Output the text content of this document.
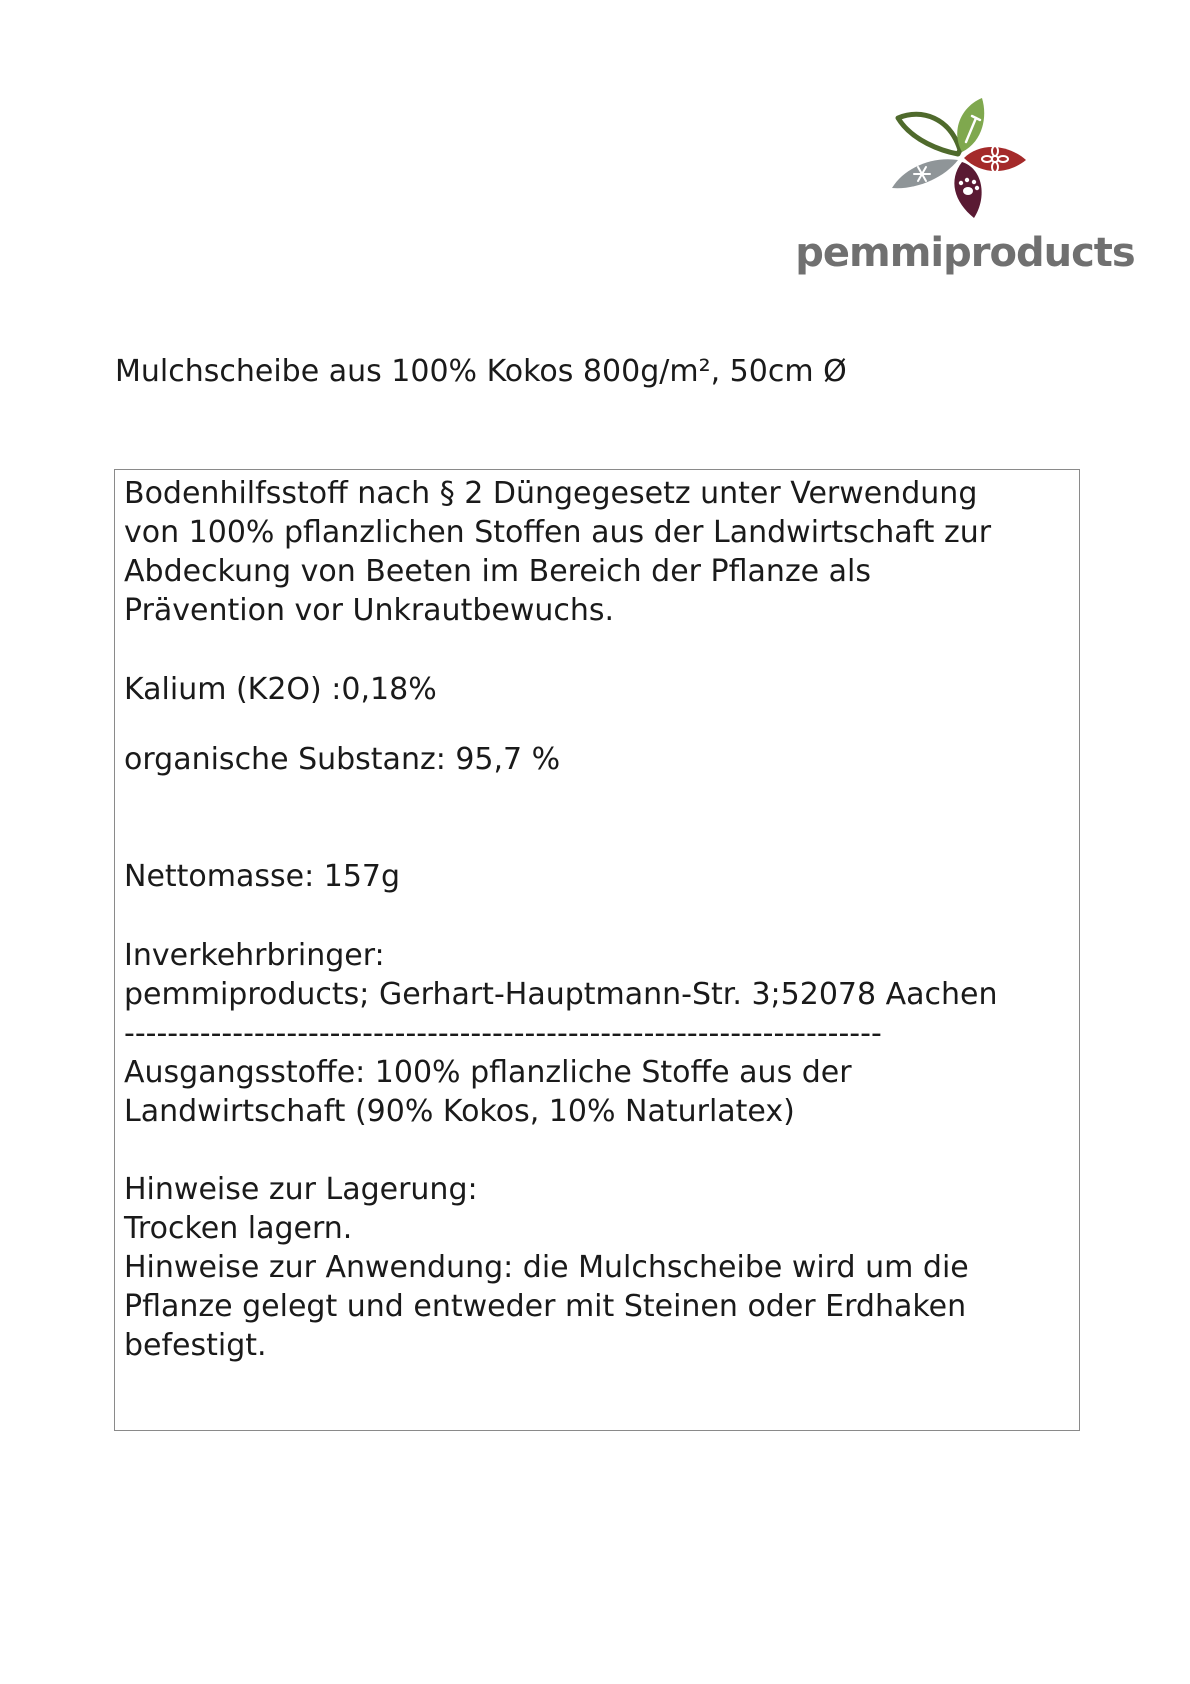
pemmiproducts
Mulchscheibe aus 100% Kokos 800g/m², 50cm Ø

Bodenhilfsstoff nach § 2 Düngegesetz unter Verwendung
von 100% pflanzlichen Stoffen aus der Landwirtschaft zur
Abdeckung von Beeten im Bereich der Pflanze als
Prävention vor Unkrautbewuchs.

Kalium (K2O) :0,18%

organische Substanz: 95,7 %

Nettomasse: 157g

Inverkehrbringer:

pemmiproducts; Gerhart-Hauptmann-Str. 3;52078 Aachen

----------------------------------------------------------------------

Ausgangsstoffe: 100% pflanzliche Stoffe aus der
Landwirtschaft (90% Kokos, 10% Naturlatex)

Hinweise zur Lagerung:

Trocken lagern.

Hinweise zur Anwendung: die Mulchscheibe wird um die
Pflanze gelegt und entweder mit Steinen oder Erdhaken
befestigt.
